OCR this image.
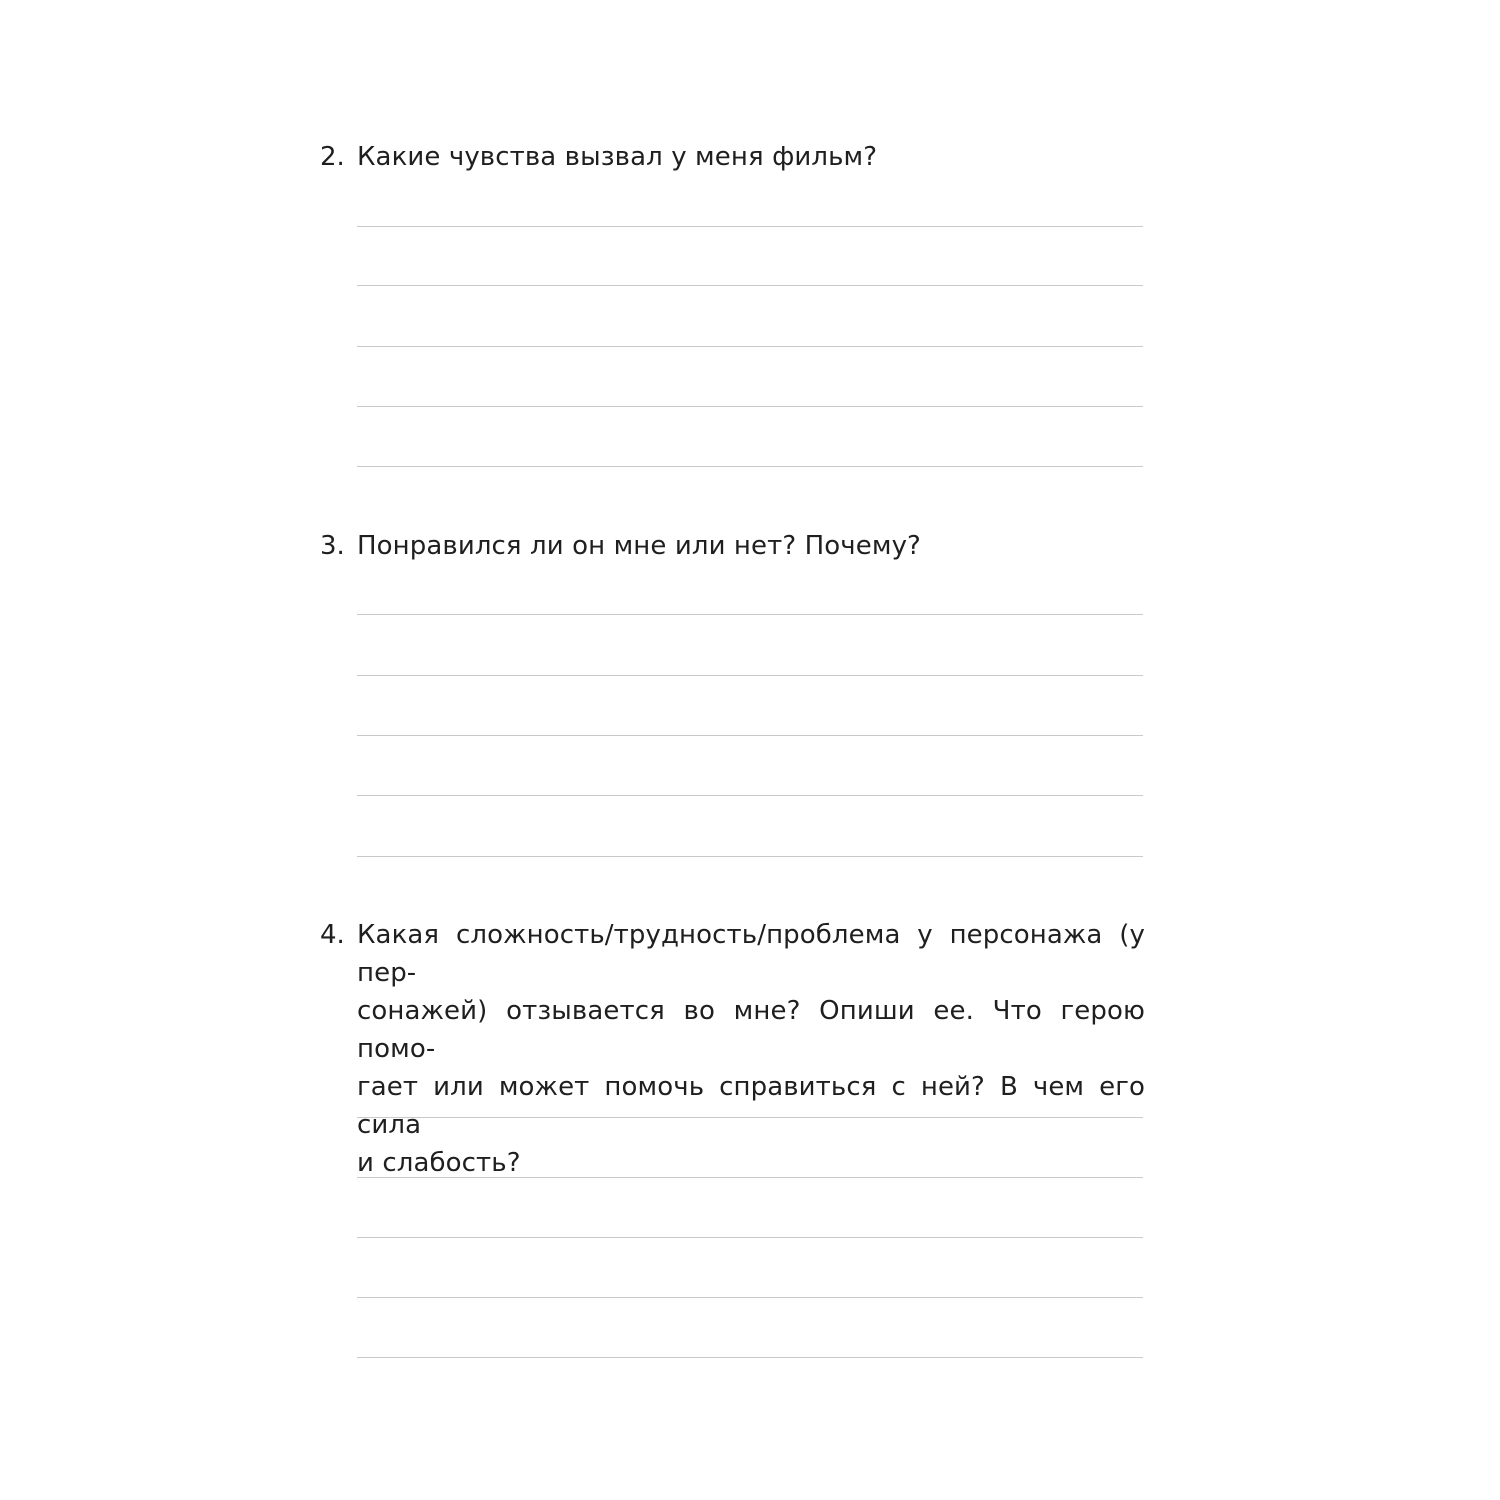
2. Какие чувства вызвал у меня фильм?
3. Понравился ли он мне или нет? Почему?
4. Какая сложность/трудность/проблема у персонажа (у пер-
сонажей) отзывается во мне? Опиши ее. Что герою помо-
гает или может помочь справиться с ней? В чем его сила
и слабость?
